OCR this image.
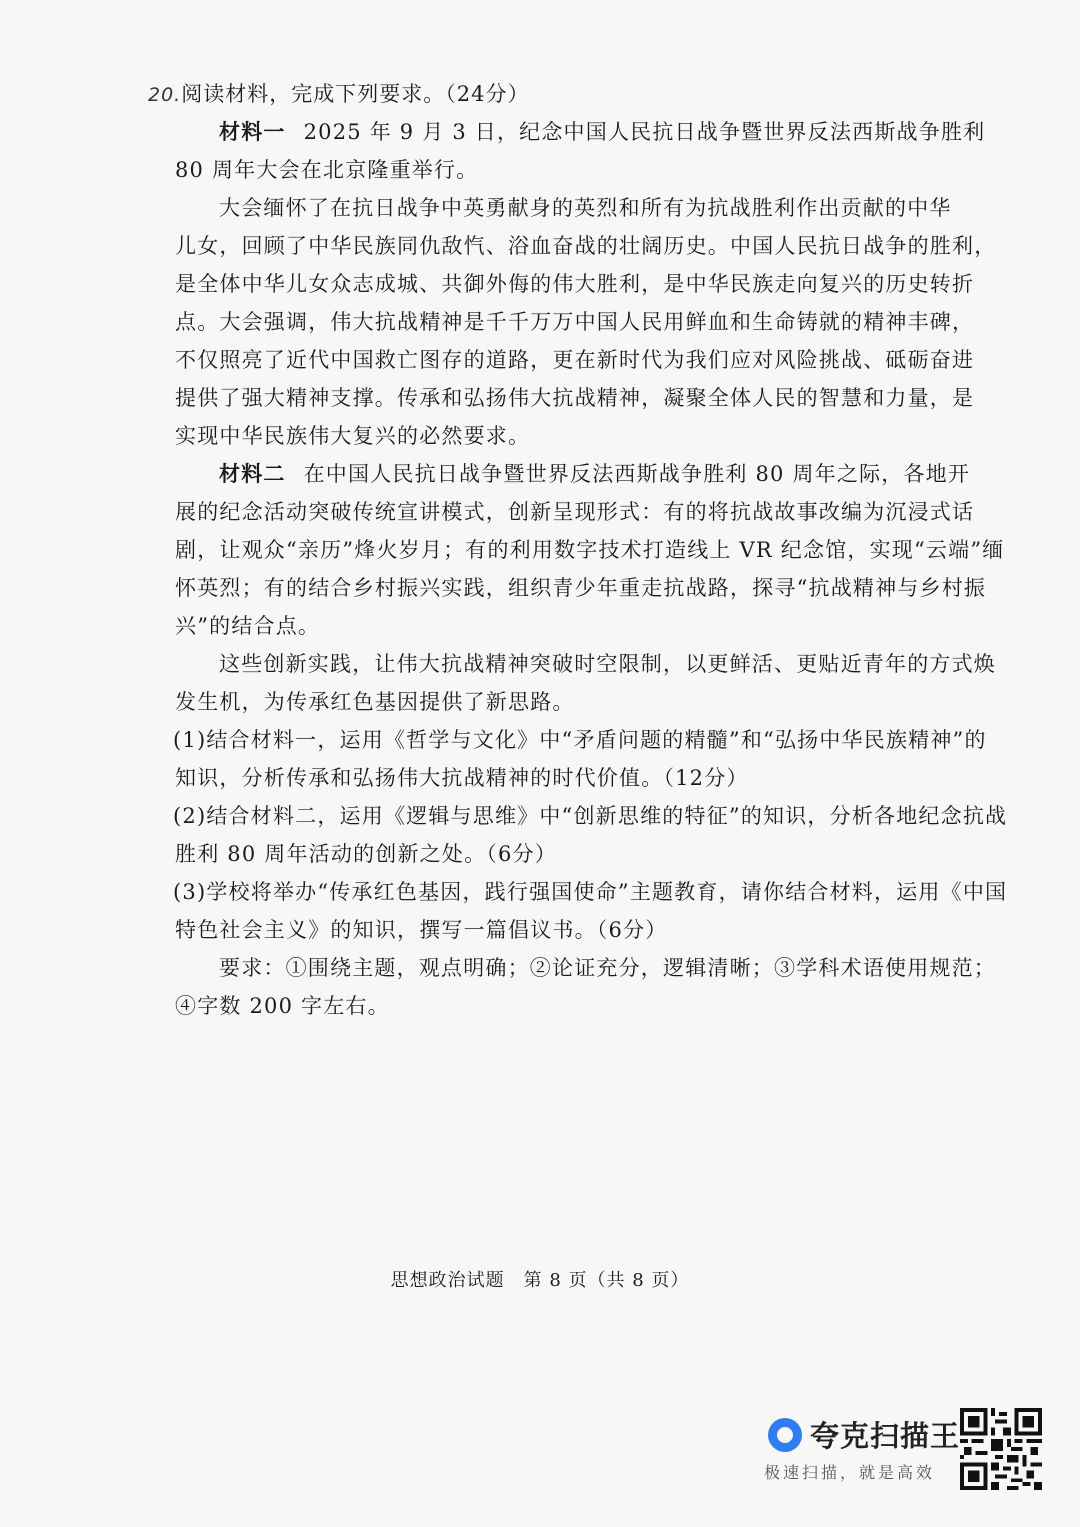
20.阅读材料，完成下列要求。（24分）
材料一 2025 年 9 月 3 日，纪念中国人民抗日战争暨世界反法西斯战争胜利
80 周年大会在北京隆重举行。
大会缅怀了在抗日战争中英勇献身的英烈和所有为抗战胜利作出贡献的中华
儿女，回顾了中华民族同仇敌忾、浴血奋战的壮阔历史。中国人民抗日战争的胜利，
是全体中华儿女众志成城、共御外侮的伟大胜利，是中华民族走向复兴的历史转折
点。大会强调，伟大抗战精神是千千万万中国人民用鲜血和生命铸就的精神丰碑，
不仅照亮了近代中国救亡图存的道路，更在新时代为我们应对风险挑战、砥砺奋进
提供了强大精神支撑。传承和弘扬伟大抗战精神，凝聚全体人民的智慧和力量，是
实现中华民族伟大复兴的必然要求。
材料二 在中国人民抗日战争暨世界反法西斯战争胜利 80 周年之际，各地开
展的纪念活动突破传统宣讲模式，创新呈现形式：有的将抗战故事改编为沉浸式话
剧，让观众“亲历”烽火岁月；有的利用数字技术打造线上 VR 纪念馆，实现“云端”缅
怀英烈；有的结合乡村振兴实践，组织青少年重走抗战路，探寻“抗战精神与乡村振
兴”的结合点。
这些创新实践，让伟大抗战精神突破时空限制，以更鲜活、更贴近青年的方式焕
发生机，为传承红色基因提供了新思路。
(1)结合材料一，运用《哲学与文化》中“矛盾问题的精髓”和“弘扬中华民族精神”的
知识，分析传承和弘扬伟大抗战精神的时代价值。（12分）
(2)结合材料二，运用《逻辑与思维》中“创新思维的特征”的知识，分析各地纪念抗战
胜利 80 周年活动的创新之处。（6分）
(3)学校将举办“传承红色基因，践行强国使命”主题教育，请你结合材料，运用《中国
特色社会主义》的知识，撰写一篇倡议书。（6分）
要求：①围绕主题，观点明确；②论证充分，逻辑清晰；③学科术语使用规范；
④字数 200 字左右。
思想政治试题　第 8 页（共 8 页）
夸克扫描王
极速扫描，就是高效
